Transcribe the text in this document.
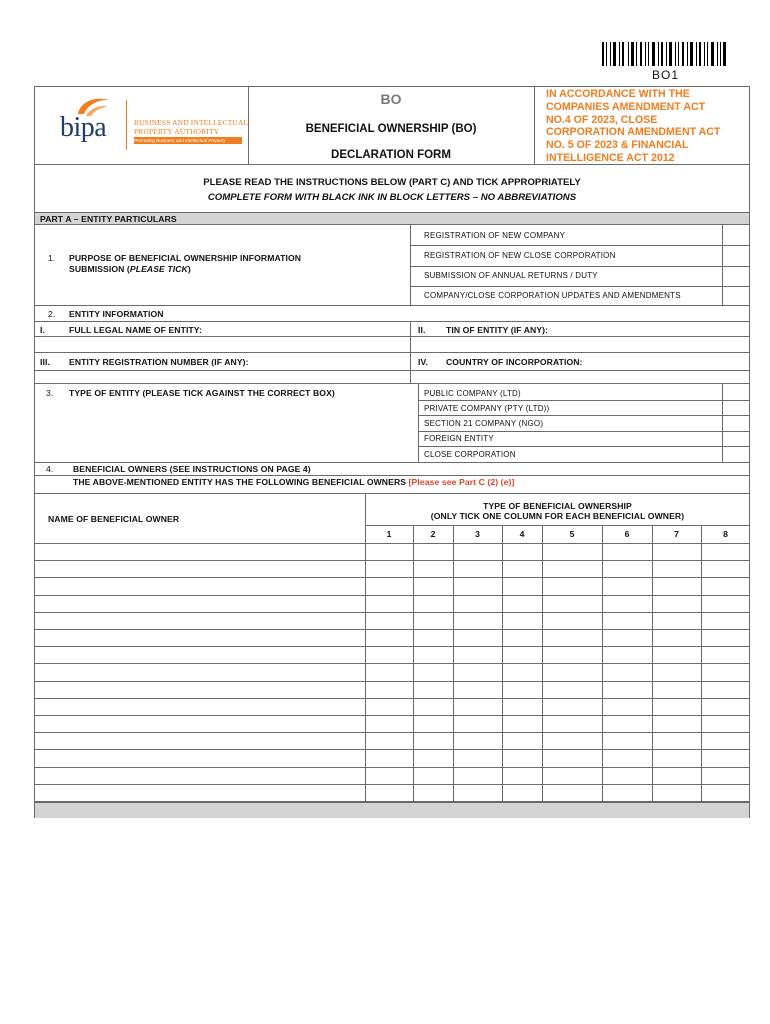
BO1
bipa	BUSINESS AND INTELLECTUAL
PROPERTY AUTHORITY
Promoting Business and Intellectual Property
BO
BENEFICIAL OWNERSHIP (BO)
DECLARATION FORM
IN ACCORDANCE WITH THE
COMPANIES AMENDMENT ACT
NO.4 OF 2023, CLOSE
CORPORATION AMENDMENT ACT
NO. 5 OF 2023 & FINANCIAL
INTELLIGENCE ACT 2012
PLEASE READ THE INSTRUCTIONS BELOW (PART C) AND TICK APPROPRIATELY
COMPLETE FORM WITH BLACK INK IN BLOCK LETTERS – NO ABBREVIATIONS
PART A – ENTITY PARTICULARS
1. PURPOSE OF BENEFICIAL OWNERSHIP INFORMATION
SUBMISSION (PLEASE TICK)
REGISTRATION OF NEW COMPANY
REGISTRATION OF NEW CLOSE CORPORATION
SUBMISSION OF ANNUAL RETURNS / DUTY
COMPANY/CLOSE CORPORATION UPDATES AND AMENDMENTS
2. ENTITY INFORMATION
I.	FULL LEGAL NAME OF ENTITY:	II. TIN OF ENTITY (IF ANY):
III. ENTITY REGISTRATION NUMBER (IF ANY):	IV. COUNTRY OF INCORPORATION:
3. TYPE OF ENTITY (PLEASE TICK AGAINST THE CORRECT BOX)	PUBLIC COMPANY (LTD)
PRIVATE COMPANY (PTY (LTD))
SECTION 21 COMPANY (NGO)
FOREIGN ENTITY
CLOSE CORPORATION
4. BENEFICIAL OWNERS (SEE INSTRUCTIONS ON PAGE 4)
THE ABOVE-MENTIONED ENTITY HAS THE FOLLOWING BENEFICIAL OWNERS [Please see Part C (2) (e)]
NAME OF BENEFICIAL OWNER
TYPE OF BENEFICIAL OWNERSHIP
(ONLY TICK ONE COLUMN FOR EACH BENEFICIAL OWNER)
1	2	3	4	5	6	7	8
